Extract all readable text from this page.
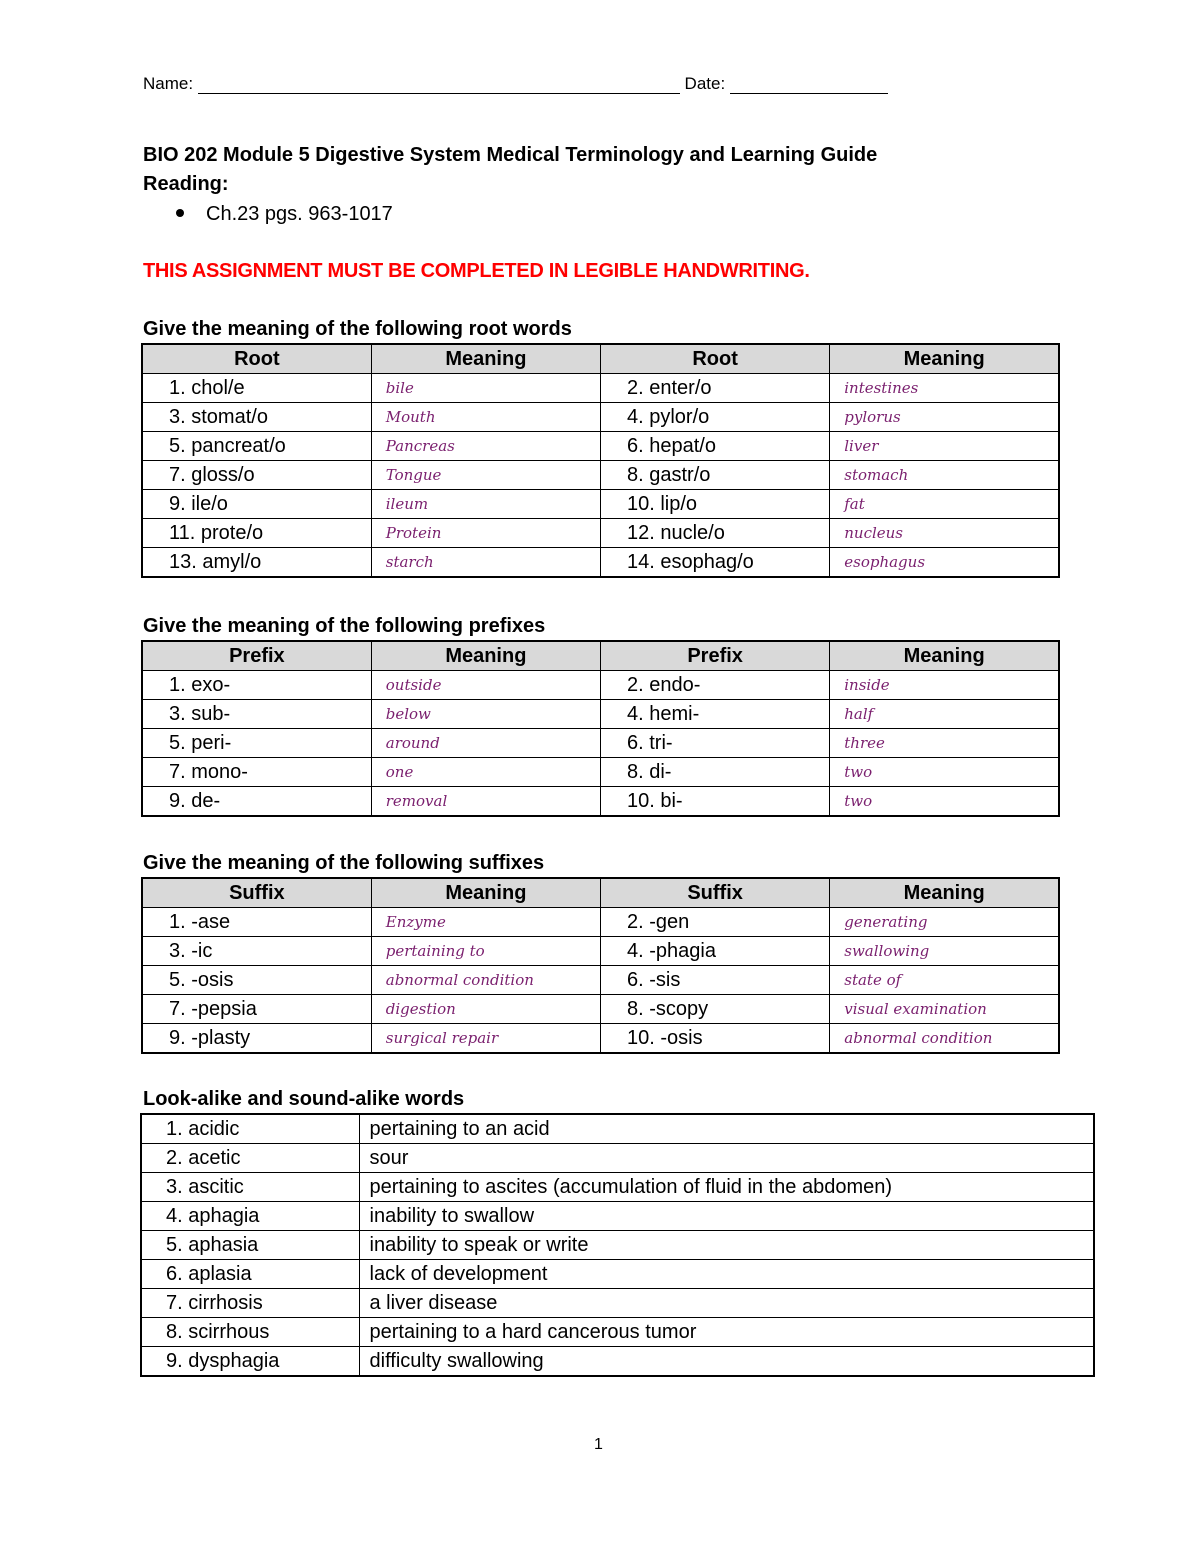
Name:	Date:
BIO 202 Module 5 Digestive System Medical Terminology and Learning Guide
Reading:
Ch.23 pgs. 963-1017
THIS ASSIGNMENT MUST BE COMPLETED IN LEGIBLE HANDWRITING.
Give the meaning of the following root words
Root	Meaning	Root	Meaning
1. chol/e	bile	2. enter/o	intestines
3. stomat/o	Mouth	4. pylor/o	pylorus
5. pancreat/o	Pancreas	6. hepat/o	liver
7. gloss/o	Tongue	8. gastr/o	stomach
9. ile/o	ileum	10. lip/o	fat
11. prote/o	Protein	12. nucle/o	nucleus
13. amyl/o	starch	14. esophag/o	esophagus
Give the meaning of the following prefixes
Prefix	Meaning	Prefix	Meaning
1. exo-	outside	2. endo-	inside
3. sub-	below	4. hemi-	half
5. peri-	around	6. tri-	three
7. mono-	one	8. di-	two
9. de-	removal	10. bi-	two
Give the meaning of the following suffixes
Suffix	Meaning	Suffix	Meaning
1. -ase	Enzyme	2. -gen	generating
3. -ic	pertaining to	4. -phagia	swallowing
5. -osis	abnormal condition	6. -sis	state of
7. -pepsia	digestion	8. -scopy	visual examination
9. -plasty	surgical repair	10. -osis	abnormal condition
Look-alike and sound-alike words
1. acidic	pertaining to an acid
2. acetic	sour
3. ascitic	pertaining to ascites (accumulation of fluid in the abdomen)
4. aphagia	inability to swallow
5. aphasia	inability to speak or write
6. aplasia	lack of development
7. cirrhosis	a liver disease
8. scirrhous	pertaining to a hard cancerous tumor
9. dysphagia	difficulty swallowing
1
